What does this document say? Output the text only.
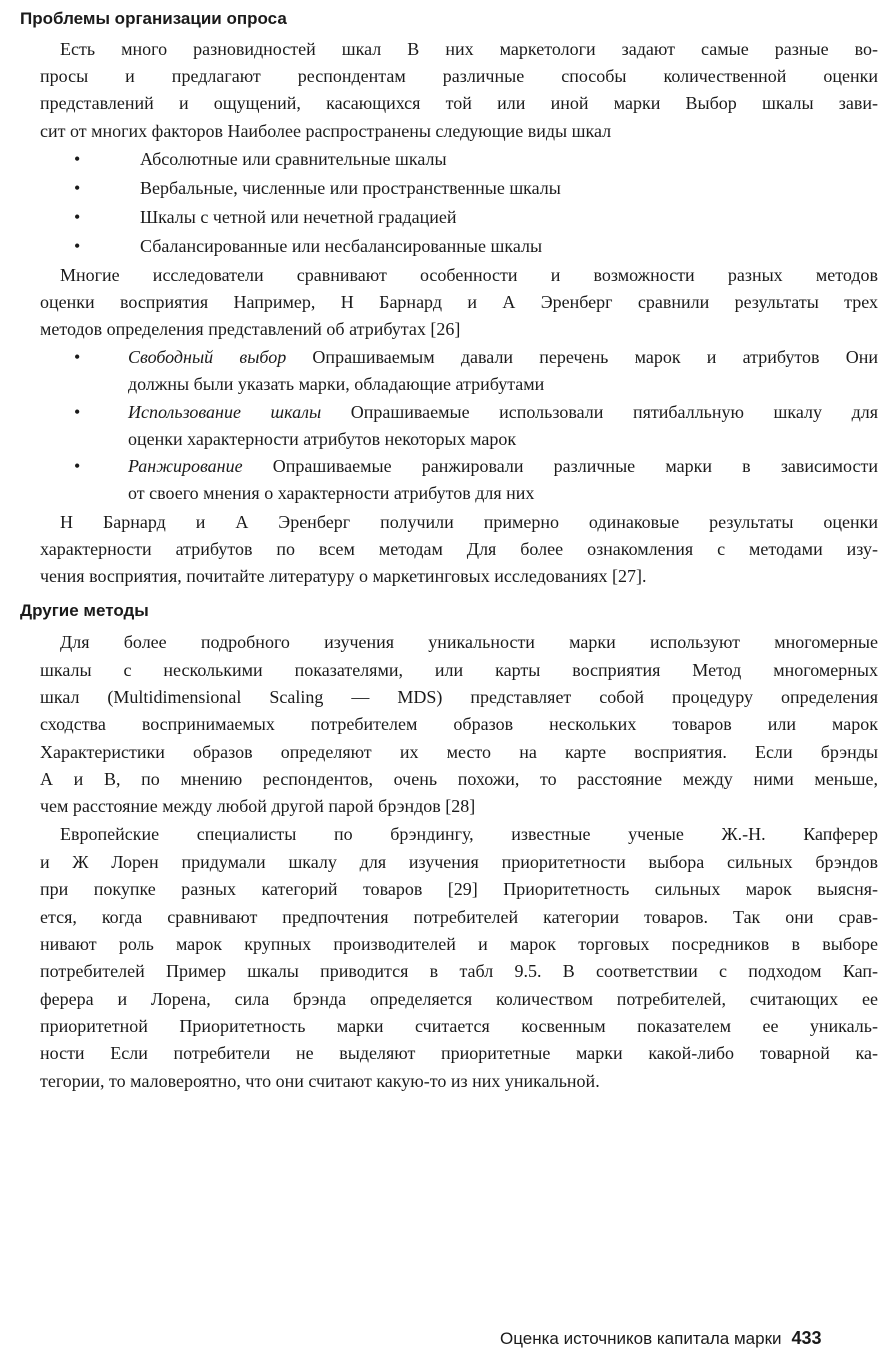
Проблемы организации опроса
Есть много разновидностей шкал В них маркетологи задают самые разные во-
просы и предлагают респондентам различные способы количественной оценки
представлений и ощущений, касающихся той или иной марки Выбор шкалы зави-
сит от многих факторов Наиболее распространены следующие виды шкал
•	Абсолютные или сравнительные шкалы
•	Вербальные, численные или пространственные шкалы
•	Шкалы с четной или нечетной градацией
•	Сбалансированные или несбалансированные шкалы
Многие исследователи сравнивают особенности и возможности разных методов
оценки восприятия Например, Н Барнард и А Эренберг сравнили результаты трех
методов определения представлений об атрибутах [26]
•	Свободный выбор Опрашиваемым давали перечень марок и атрибутов Они
должны были указать марки, обладающие атрибутами
•	Использование шкалы Опрашиваемые использовали пятибалльную шкалу для
оценки характерности атрибутов некоторых марок
•	Ранжирование Опрашиваемые ранжировали различные марки в зависимости
от своего мнения о характерности атрибутов для них
Н Барнард и А Эренберг получили примерно одинаковые результаты оценки
характерности атрибутов по всем методам Для более ознакомления с методами изу-
чения восприятия, почитайте литературу о маркетинговых исследованиях [27].
Другие методы
Для более подробного изучения уникальности марки используют многомерные
шкалы с несколькими показателями, или карты восприятия Метод многомерных
шкал (Multidimensional Scaling — MDS) представляет собой процедуру определения
сходства воспринимаемых потребителем образов нескольких товаров или марок
Характеристики образов определяют их место на карте восприятия. Если брэнды
А и В, по мнению респондентов, очень похожи, то расстояние между ними меньше,
чем расстояние между любой другой парой брэндов [28]
Европейские специалисты по брэндингу, известные ученые Ж.-Н. Капферер
и Ж Лорен придумали шкалу для изучения приоритетности выбора сильных брэндов
при покупке разных категорий товаров [29] Приоритетность сильных марок выясня-
ется, когда сравнивают предпочтения потребителей категории товаров. Так они срав-
нивают роль марок крупных производителей и марок торговых посредников в выборе
потребителей Пример шкалы приводится в табл 9.5. В соответствии с подходом Кап-
ферера и Лорена, сила брэнда определяется количеством потребителей, считающих ее
приоритетной Приоритетность марки считается косвенным показателем ее уникаль-
ности Если потребители не выделяют приоритетные марки какой-либо товарной ка-
тегории, то маловероятно, что они считают какую-то из них уникальной.
Оценка источников капитала марки 433
